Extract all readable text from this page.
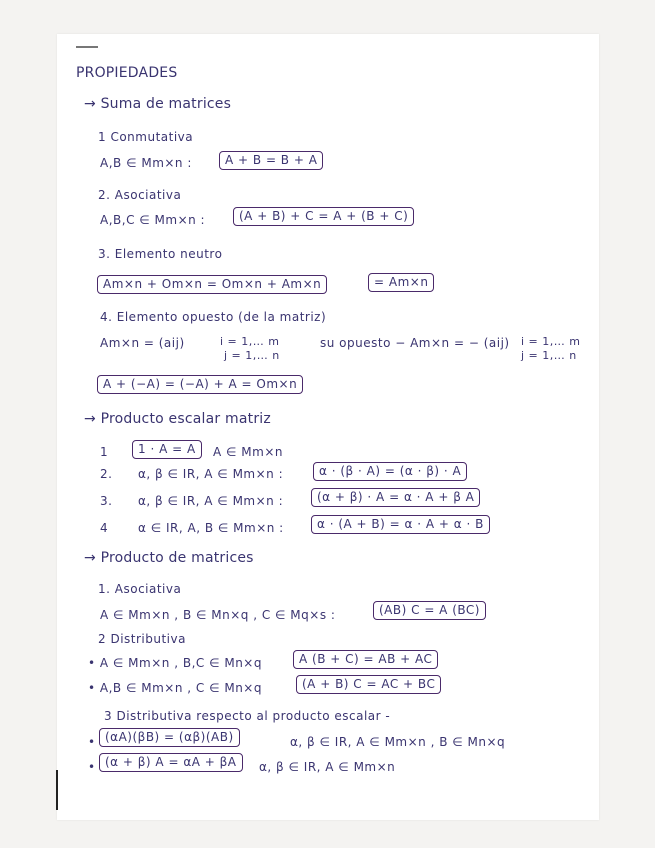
PROPIEDADES
→ Suma de matrices
1 Conmutativa
A,B ∈ Mm×n :	A + B = B + A
2. Asociativa
A,B,C ∈ Mm×n :	(A + B) + C = A + (B + C)
3. Elemento neutro
Am×n + Om×n = Om×n + Am×n	= Am×n
4. Elemento opuesto (de la matriz)
Am×n = (aij)	i = 1,… m
j = 1,… n
su opuesto − Am×n = − (aij) i = 1,… m
j = 1,… n
A + (−A) = (−A) + A = Om×n
→ Producto escalar matriz
1	1 · A = A	A ∈ Mm×n
2. α, β ∈ IR, A ∈ Mm×n :	α · (β · A) = (α · β) · A
3. α, β ∈ IR, A ∈ Mm×n :	(α + β) · A = α · A + β A
4 α ∈ IR, A, B ∈ Mm×n :	α · (A + B) = α · A + α · B
→ Producto de matrices
1. Asociativa
A ∈ Mm×n , B ∈ Mn×q , C ∈ Mq×s :	(AB) C = A (BC)
2 Distributiva
• A ∈ Mm×n , B,C ∈ Mn×q	A (B + C) = AB + AC
• A,B ∈ Mm×n , C ∈ Mn×q	(A + B) C = AC + BC
3 Distributiva respecto al producto escalar -
• (αA)(βB) = (αβ)(AB)	α, β ∈ IR, A ∈ Mm×n , B ∈ Mn×q
• (α + β) A = αA + βA	α, β ∈ IR, A ∈ Mm×n
